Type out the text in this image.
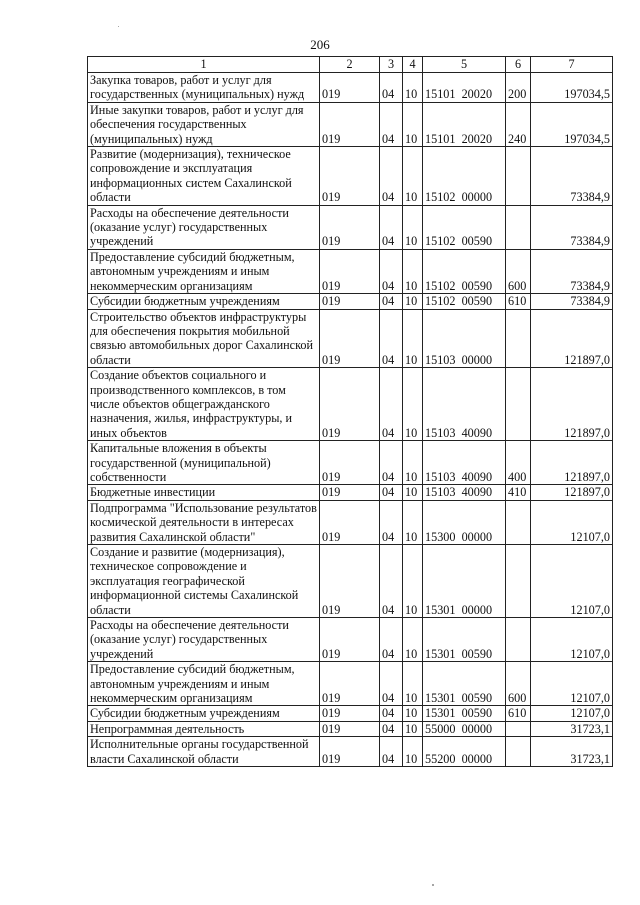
206
1	2	3	4	5	6	7
Закупка товаров, работ и услуг для государственных (муниципальных) нужд	019	04	10	15101  20020	200	197034,5
Иные закупки товаров, работ и услуг для обеспечения государственных (муниципальных) нужд	019	04	10	15101  20020	240	197034,5
Развитие (модернизация), техническое сопровождение и эксплуатация информационных систем Сахалинской области	019	04	10	15102  00000		73384,9
Расходы на обеспечение деятельности (оказание услуг) государственных учреждений	019	04	10	15102  00590		73384,9
Предоставление субсидий бюджетным, автономным учреждениям и иным некоммерческим организациям	019	04	10	15102  00590	600	73384,9
Субсидии бюджетным учреждениям	019	04	10	15102  00590	610	73384,9
Строительство объектов инфраструктуры для обеспечения покрытия мобильной связью автомобильных дорог Сахалинской области	019	04	10	15103  00000		121897,0
Создание объектов социального и производственного комплексов, в том числе объектов общегражданского назначения, жилья, инфраструктуры, и иных объектов	019	04	10	15103  40090		121897,0
Капитальные вложения в объекты государственной (муниципальной) собственности	019	04	10	15103  40090	400	121897,0
Бюджетные инвестиции	019	04	10	15103  40090	410	121897,0
Подпрограмма "Использование результатов космической деятельности в интересах развития Сахалинской области"	019	04	10	15300  00000		12107,0
Создание и развитие (модернизация), техническое сопровождение и эксплуатация географической информационной системы Сахалинской области	019	04	10	15301  00000		12107,0
Расходы на обеспечение деятельности (оказание услуг) государственных учреждений	019	04	10	15301  00590		12107,0
Предоставление субсидий бюджетным, автономным учреждениям и иным некоммерческим организациям	019	04	10	15301  00590	600	12107,0
Субсидии бюджетным учреждениям	019	04	10	15301  00590	610	12107,0
Непрограммная деятельность	019	04	10	55000  00000		31723,1
Исполнительные органы государственной власти Сахалинской области	019	04	10	55200  00000		31723,1
